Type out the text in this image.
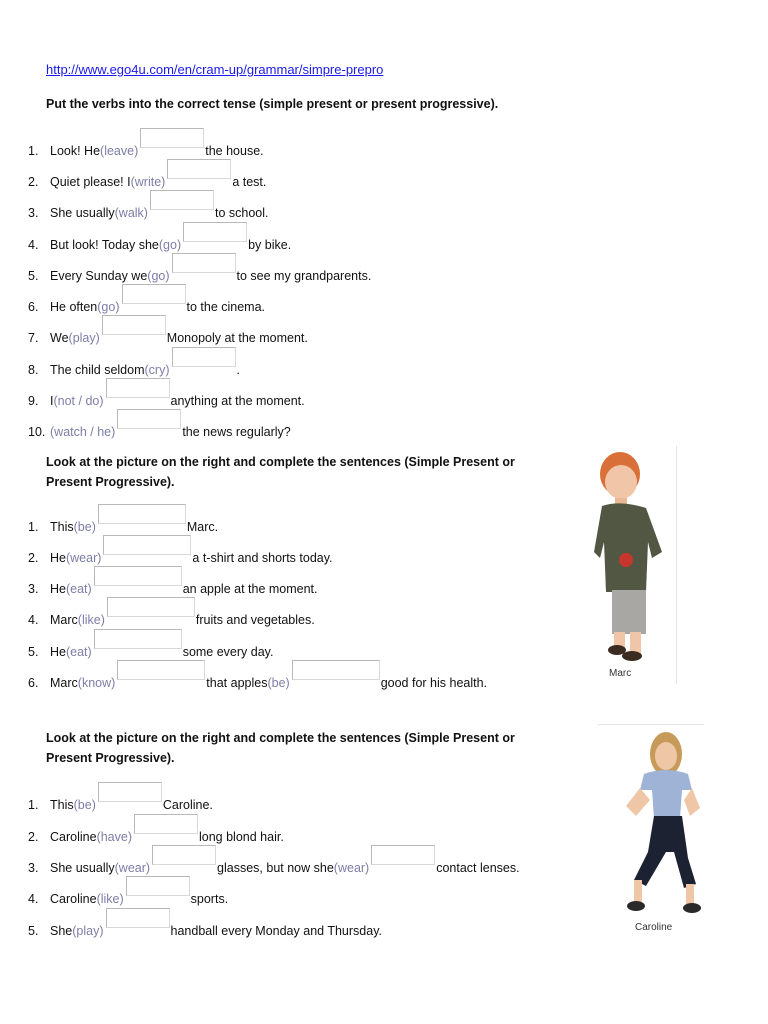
http://www.ego4u.com/en/cram-up/grammar/simpre-prepro
Put the verbs into the correct tense (simple present or present progressive).
1. Look! He (leave)	the house.
2. Quiet please! I (write)	a test.
3. She usually (walk)	to school.
4. But look! Today she (go)	by bike.
5. Every Sunday we (go)	to see my grandparents.
6. He often (go)	to the cinema.
7. We (play)	Monopoly at the moment.
8. The child seldom (cry)	.
9. I (not / do)	anything at the moment.
10. (watch / he)	the news regularly?
Look at the picture on the right and complete the sentences (Simple Present or Present Progressive).
1. This (be)	Marc.
2. He (wear)	a t-shirt and shorts today.
3. He (eat)	an apple at the moment.
4. Marc (like)	fruits and vegetables.
5. He (eat)	some every day.
6. Marc (know)	that apples (be)	good for his health.
Marc
Look at the picture on the right and complete the sentences (Simple Present or Present Progressive).
1. This (be)	Caroline.
2. Caroline (have)	long blond hair.
3. She usually (wear)	glasses, but now she (wear)	contact lenses.
4. Caroline (like)	sports.
5. She (play)	handball every Monday and Thursday.	Caroline
